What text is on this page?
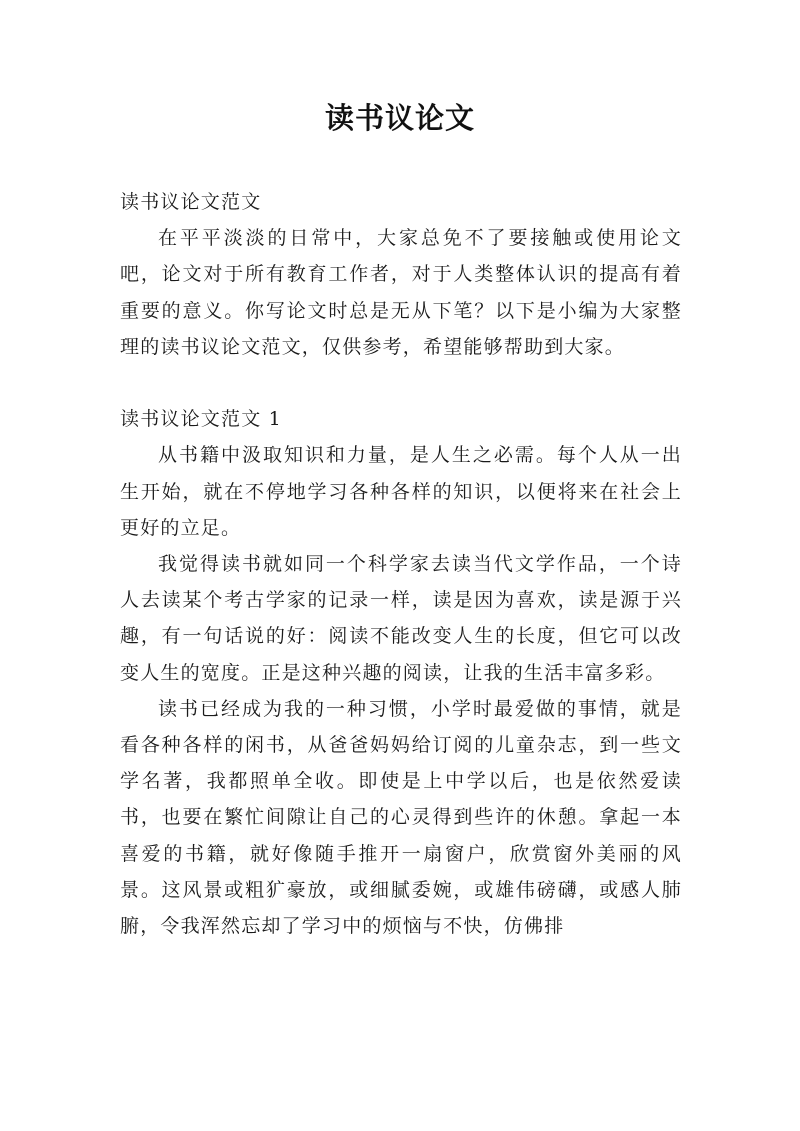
读书议论文

读书议论文范文

在平平淡淡的日常中，大家总免不了要接触或使用论文吧，论文对于所有教育工作者，对于人类整体认识的提高有着重要的意义。你写论文时总是无从下笔？以下是小编为大家整理的读书议论文范文，仅供参考，希望能够帮助到大家。

读书议论文范文 1

从书籍中汲取知识和力量，是人生之必需。每个人从一出生开始，就在不停地学习各种各样的知识，以便将来在社会上更好的立足。

我觉得读书就如同一个科学家去读当代文学作品，一个诗人去读某个考古学家的记录一样，读是因为喜欢，读是源于兴趣，有一句话说的好：阅读不能改变人生的长度，但它可以改变人生的宽度。正是这种兴趣的阅读，让我的生活丰富多彩。

读书已经成为我的一种习惯，小学时最爱做的事情，就是看各种各样的闲书，从爸爸妈妈给订阅的儿童杂志，到一些文学名著，我都照单全收。即使是上中学以后，也是依然爱读书，也要在繁忙间隙让自己的心灵得到些许的休憩。拿起一本喜爱的书籍，就好像随手推开一扇窗户，欣赏窗外美丽的风景。这风景或粗犷豪放，或细腻委婉，或雄伟磅礴，或感人肺腑，令我浑然忘却了学习中的烦恼与不快，仿佛排
